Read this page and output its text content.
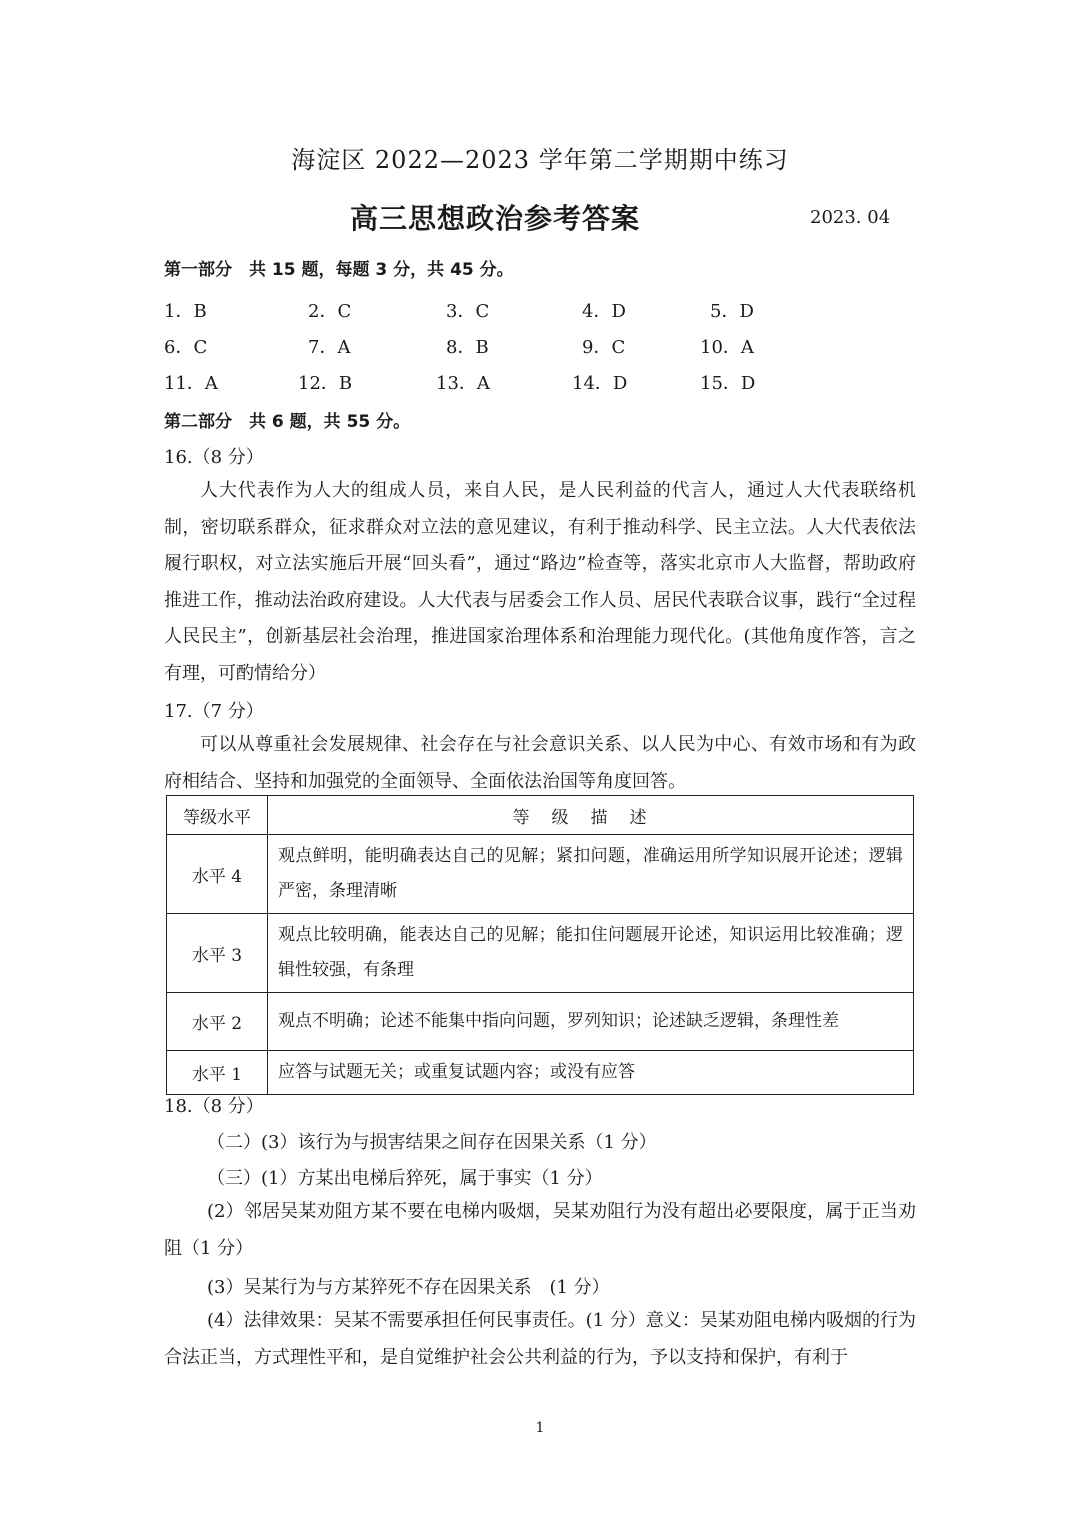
海淀区 2022—2023 学年第二学期期中练习
高三思想政治参考答案	2023. 04
第一部分　共 15 题，每题 3 分，共 45 分。
1．B	2．C	3．C	4．D	5．D
6．C	7．A	8．B	9．C	10．A
11．A	12．B	13．A	14．D	15．D
第二部分　共 6 题，共 55 分。
16.（8 分）
人大代表作为人大的组成人员，来自人民，是人民利益的代言人，通过人大代表联络机制，密切联系群众，征求群众对立法的意见建议，有利于推动科学、民主立法。人大代表依法履行职权，对立法实施后开展“回头看”，通过“路边”检查等，落实北京市人大监督，帮助政府推进工作，推动法治政府建设。人大代表与居委会工作人员、居民代表联合议事，践行“全过程人民民主”，创新基层社会治理，推进国家治理体系和治理能力现代化。(其他角度作答，言之有理，可酌情给分）
17.（7 分）
可以从尊重社会发展规律、社会存在与社会意识关系、以人民为中心、有效市场和有为政府相结合、坚持和加强党的全面领导、全面依法治国等角度回答。
等级水平	等级描述
水平 4	观点鲜明，能明确表达自己的见解；紧扣问题，准确运用所学知识展开论述；逻辑严密，条理清晰
水平 3	观点比较明确，能表达自己的见解；能扣住问题展开论述，知识运用比较准确；逻辑性较强，有条理
水平 2	观点不明确；论述不能集中指向问题，罗列知识；论述缺乏逻辑，条理性差
水平 1	应答与试题无关；或重复试题内容；或没有应答
18.（8 分）
（二）(3）该行为与损害结果之间存在因果关系（1 分）
（三）(1）方某出电梯后猝死，属于事实（1 分）
(2）邻居吴某劝阻方某不要在电梯内吸烟，吴某劝阻行为没有超出必要限度，属于正当劝阻（1 分）
(3）吴某行为与方某猝死不存在因果关系　(1 分）
(4）法律效果：吴某不需要承担任何民事责任。(1 分）意义：吴某劝阻电梯内吸烟的行为合法正当，方式理性平和，是自觉维护社会公共利益的行为，予以支持和保护，有利于
1
